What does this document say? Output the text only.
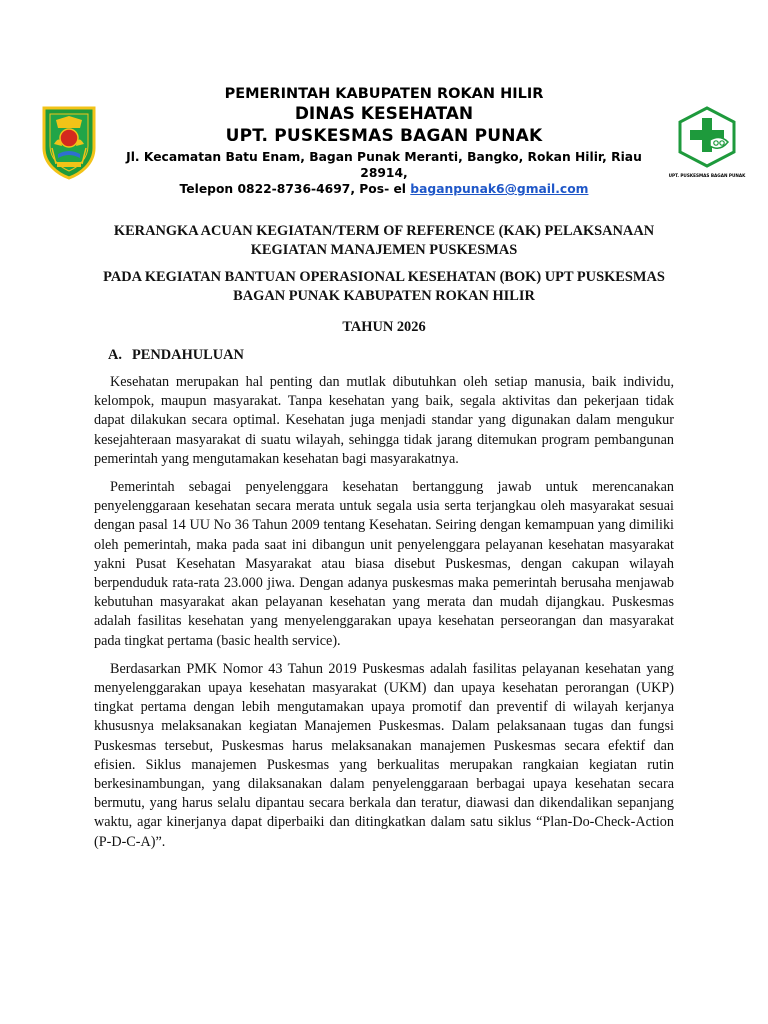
PEMERINTAH KABUPATEN ROKAN HILIR
DINAS KESEHATAN
UPT. PUSKESMAS BAGAN PUNAK
Jl. Kecamatan Batu Enam, Bagan Punak Meranti, Bangko, Rokan Hilir, Riau 28914,
Telepon 0822-8736-4697, Pos- el baganpunak6@gmail.com
UPT. PUSKESMAS BAGAN PUNAK

KERANGKA ACUAN KEGIATAN/TERM OF REFERENCE (KAK) PELAKSANAAN KEGIATAN MANAJEMEN PUSKESMAS

PADA KEGIATAN BANTUAN OPERASIONAL KESEHATAN (BOK) UPT PUSKESMAS BAGAN PUNAK KABUPATEN ROKAN HILIR

TAHUN 2026

A. PENDAHULUAN

Kesehatan merupakan hal penting dan mutlak dibutuhkan oleh setiap manusia, baik individu, kelompok, maupun masyarakat. Tanpa kesehatan yang baik, segala aktivitas dan pekerjaan tidak dapat dilakukan secara optimal. Kesehatan juga menjadi standar yang digunakan dalam mengukur kesejahteraan masyarakat di suatu wilayah, sehingga tidak jarang ditemukan program pembangunan pemerintah yang mengutamakan kesehatan bagi masyarakatnya.

Pemerintah sebagai penyelenggara kesehatan bertanggung jawab untuk merencanakan penyelenggaraan kesehatan secara merata untuk segala usia serta terjangkau oleh masyarakat sesuai dengan pasal 14 UU No 36 Tahun 2009 tentang Kesehatan. Seiring dengan kemampuan yang dimiliki oleh pemerintah, maka pada saat ini dibangun unit penyelenggara pelayanan kesehatan masyarakat yakni Pusat Kesehatan Masyarakat atau biasa disebut Puskesmas, dengan cakupan wilayah berpenduduk rata-rata 23.000 jiwa. Dengan adanya puskesmas maka pemerintah berusaha menjawab kebutuhan masyarakat akan pelayanan kesehatan yang merata dan mudah dijangkau. Puskesmas adalah fasilitas kesehatan yang menyelenggarakan upaya kesehatan perseorangan dan masyarakat pada tingkat pertama (basic health service).

Berdasarkan PMK Nomor 43 Tahun 2019 Puskesmas adalah fasilitas pelayanan kesehatan yang menyelenggarakan upaya kesehatan masyarakat (UKM) dan upaya kesehatan perorangan (UKP) tingkat pertama dengan lebih mengutamakan upaya promotif dan preventif di wilayah kerjanya khususnya melaksanakan kegiatan Manajemen Puskesmas. Dalam pelaksanaan tugas dan fungsi Puskesmas tersebut, Puskesmas harus melaksanakan manajemen Puskesmas secara efektif dan efisien. Siklus manajemen Puskesmas yang berkualitas merupakan rangkaian kegiatan rutin berkesinambungan, yang dilaksanakan dalam penyelenggaraan berbagai upaya kesehatan secara bermutu, yang harus selalu dipantau secara berkala dan teratur, diawasi dan dikendalikan sepanjang waktu, agar kinerjanya dapat diperbaiki dan ditingkatkan dalam satu siklus “Plan-Do-Check-Action (P-D-C-A)”.
